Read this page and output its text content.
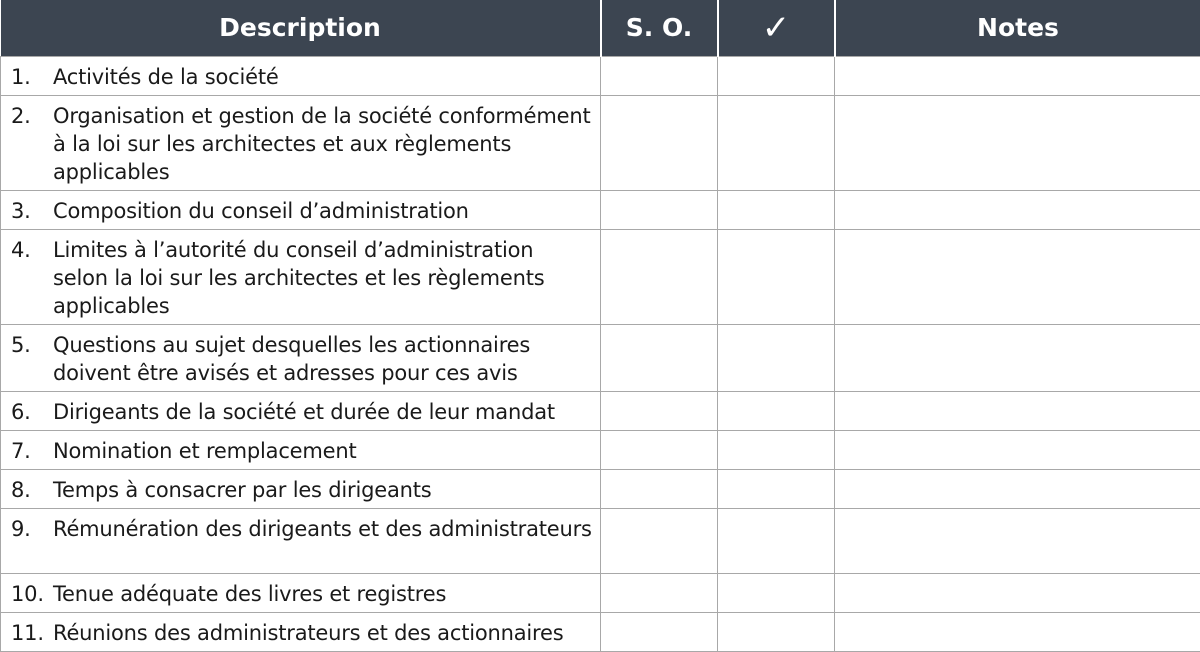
Description	S. O.	✓	Notes

1. Activités de la société			

2. Organisation et gestion de la société conformément à la loi sur les architectes et aux règlements applicables			

3. Composition du conseil d’administration			

4. Limites à l’autorité du conseil d’administration selon la loi sur les architectes et les règlements applicables			

5. Questions au sujet desquelles les actionnaires doivent être avisés et adresses pour ces avis			

6. Dirigeants de la société et durée de leur mandat			

7. Nomination et remplacement			

8. Temps à consacrer par les dirigeants			

9. Rémunération des dirigeants et des administrateurs			

10. Tenue adéquate des livres et registres			

11. Réunions des administrateurs et des actionnaires			
